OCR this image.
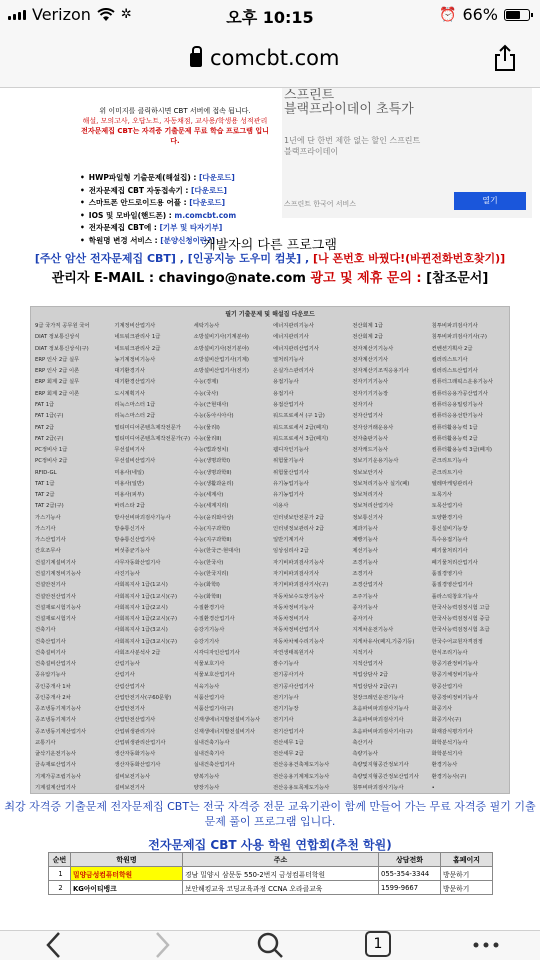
Verizon ✲	오후 10:15	⏰ 66%
comcbt.com
위 이미지를 클릭하시면 CBT 서버에 접속 됩니다.
해설, 모의고사, 오답노트, 자동채점, 교사용/학생용 성적관리
전자문제집 CBT는 자격증 기출문제 무료 학습 프로그램 입니다.
• HWP파일형 기출문제(해설집) : [다운로드]
• 전자문제집 CBT 자동접속기 : [다운로드]
• 스마트폰 안드로이드용 어플 : [다운로드]
• IOS 및 모바일(핸드폰) : m.comcbt.com
• 전자문제집 CBT에 : [기부 및 타자기부]
• 학원명 변경 서비스 : [분양신청이란?]
스프린트
블랙프라이데이 초특가
1년에 단 한번 제한 없는 할인 스프린트
블랙프라이데이
스프린트 한국어 서비스	열기
개발자의 다른 프로그램
[주산 암산 전자문제집 CBT] , [인공지능 도우미 컴봇] , [나 폰번호 바꿨다!(바뀐전화번호찾기)]
관리자 E-MAIL : chavingo@nate.com 광고 및 제휴 문의 : [참조문서]
필기 기출문제 및 해설집 다운로드
9급 국가직 공무원 국어	기계정비산업기사	세탁기능사	에너지관리기능사	전산회계 1급	침투비파괴검사기사
DIAT 정보통신상식	네트워크관리사 1급	소방설비기사(기계분야)	에너지관리기사	전산회계 2급	침투비파괴검사기사(구)
DIAT 정보통신상식(구)	네트워크관리사 2급	소방설비기사(전기분야)	에너지관리산업기사	전자계산기기능사	컨벤션기획사 2급
ERP 인사 2급 실무	농기계정비기능사	소방설비산업기사(기계)	열처리기능사	전자계산기기사	컬러리스트기사
ERP 인사 2급 이론	대기환경기사	소방설비산업기사(전기)	온실가스관리기사	전자계산기조직응용기사	컬러리스트산업기사
ERP 회계 2급 실무	대기환경산업기사	수능(경제)	용접기능사	전자기기기능사	컴퓨터그래픽스운용기능사
ERP 회계 2급 이론	도시계획기사	수능(국사)	용접기사	전자기기기능장	컴퓨터응용가공산업기사
FAT 1급	리눅스마스터 1급	수능(근현대사)	용접산업기사	전자기사	컴퓨터응용밀링기능사
FAT 1급(구)	리눅스마스터 2급	수능(동아시아사)	워드프로세서 (구 1급)	전자산업기사	컴퓨터응용선반기능사
FAT 2급	멀티미디어콘텐츠제작전문가	수능(물리I)	워드프로세서 2급(폐지)	전자상거래운용사	컴퓨터활용능력 1급
FAT 2급(구)	멀티미디어콘텐츠제작전문가(구)	수능(물리II)	워드프로세서 3급(폐지)	전자출판기능사	컴퓨터활용능력 2급
PC정비사 1급	무선설비기사	수능(법과정치)	웹디자인기능사	전자캐드기능사	컴퓨터활용능력 3급(폐지)
PC정비사 2급	무선설비산업기사	수능(생명과학I)	위험물기능사	정보기기운용기능사	콘크리트기능사
RFID-GL	미용사(네일)	수능(생명과학II)	위험물산업기사	정보보안기사	콘크리트기사
TAT 1급	미용사(일반)	수능(생활과윤리)	유기농업기능사	정보처리기능사 실기(폐)	텔레마케팅관리사
TAT 2급	미용사(피부)	수능(세계사)	유기농업기사	정보처리기사	토목기사
TAT 2급(구)	바리스타 2급	수능(세계지리)	이용사	정보처리산업기사	토목산업기사
가스기능사	방사선비파괴검사기능사	수능(윤리와사상)	인터넷보안전문가 2급	정보통신기사	토양환경기사
가스기사	방송통신기사	수능(지구과학I)	인터넷정보관리사 2급	제과기능사	통신설비기능장
가스산업기사	방송통신산업기사	수능(지구과학II)	일반기계기사	제빵기능사	특수용접기능사
간호조무사	버섯종균기능사	수능(한국근·현대사)	임상심리사 2급	제선기능사	폐기물처리기사
건설기계설비기사	사무자동화산업기사	수능(한국사)	자기비파괴검사기능사	조경기능사	폐기물처리산업기사
건설기계정비기능사	사진기능사	수능(한국지리)	자기비파괴검사기사	조경기사	품질경영기사
건설안전기사	사회복지사 1급(1교시)	수능(화학I)	자기비파괴검사기사(구)	조경산업기사	품질경영산업기사
건설안전산업기사	사회복지사 1급(1교시)(구)	수능(화학II)	자동차보수도장기능사	조주기능사	플라스틱창호기능사
건설재료시험기능사	사회복지사 1급(2교시)	수질환경기사	자동차정비기능사	종자기능사	한국사능력검정시험 고급
건설재료시험기사	사회복지사 1급(2교시)(구)	수질환경산업기사	자동차정비기사	종자기사	한국사능력검정시험 중급
건축기사	사회복지사 1급(3교시)	승강기기능사	자동차정비산업기사	지게차운전기능사	한국사능력검정시험 초급
건축산업기사	사회복지사 1급(3교시)(구)	승강기기사	자동차차체수리기능사	지게차유사(폐지,기중기등)	한국수어교원자격검정
건축설비기사	사회조사분석사 2급	시각디자인산업기사	자연생태복원기사	지적기사	한식조리기능사
건축설비산업기사	산림기능사	식물보호기사	잠수기능사	지적산업기사	항공기관정비기능사
공유압기능사	산림기사	식물보호산업기사	전기공사기사	직업상담사 2급	항공기체정비기능사
공인중개사 1차	산림산업기사	식육기능사	전기공사산업기사	직업상담사 2급(구)	항공산업기사
공인중개사 2차	산업안전기사(구60문항)	식품산업기사	전기기능사	천장크레인운전기능사	항공장비정비기능사
공조냉동기계기능사	산업안전기사	식품산업기사(구)	전기기능장	초음파비파괴검사기능사	화공기사
공조냉동기계기사	산업안전산업기사	신재생에너지발전설비기능사	전기기사	초음파비파괴검사기사	화공기사(구)
공조냉동기계산업기사	산업위생관리기사	신재생에너지발전설비기사	전기산업기사	초음파비파괴검사기사(구)	화재감식평가기사
교통기사	산업위생관리산업기사	실내건축기능사	전산세무 1급	축산기사	화학분석기능사
굴삭기운전기능사	생산자동화기능사	실내건축기사	전산세무 2급	측량기능사	화학분석기사
금속재료산업기사	생산자동화산업기사	실내건축산업기사	전산응용건축제도기능사	측량및지형공간정보기사	환경기능사
기계가공조립기능사	설비보전기능사	양복기능사	전산응용기계제도기능사	측량및지형공간정보산업기사	환경기능사(구)
기계설계산업기사	설비보전기사	양장기능사	전산응용토목제도기능사	침투비파괴검사기능사	•
최강 자격증 기출문제 전자문제집 CBT는 전국 자격증 전문 교육기관이 함께 만들어 가는 무료 자격증 필기 기출문제 풀이 프로그램 입니다.
전자문제집 CBT 사용 학원 연합회(추천 학원)
순번	학원명	주소	상담전화	홈페이지
1	밀양금성컴퓨터학원	경남 밀양시 삼문동 550-2번지 금성컴퓨터학원	055-354-3344	방문하기
2	KG아이티뱅크	보안해킹교육 코딩교육과정 CCNA 오라클교육	1599-9667	방문하기
1
